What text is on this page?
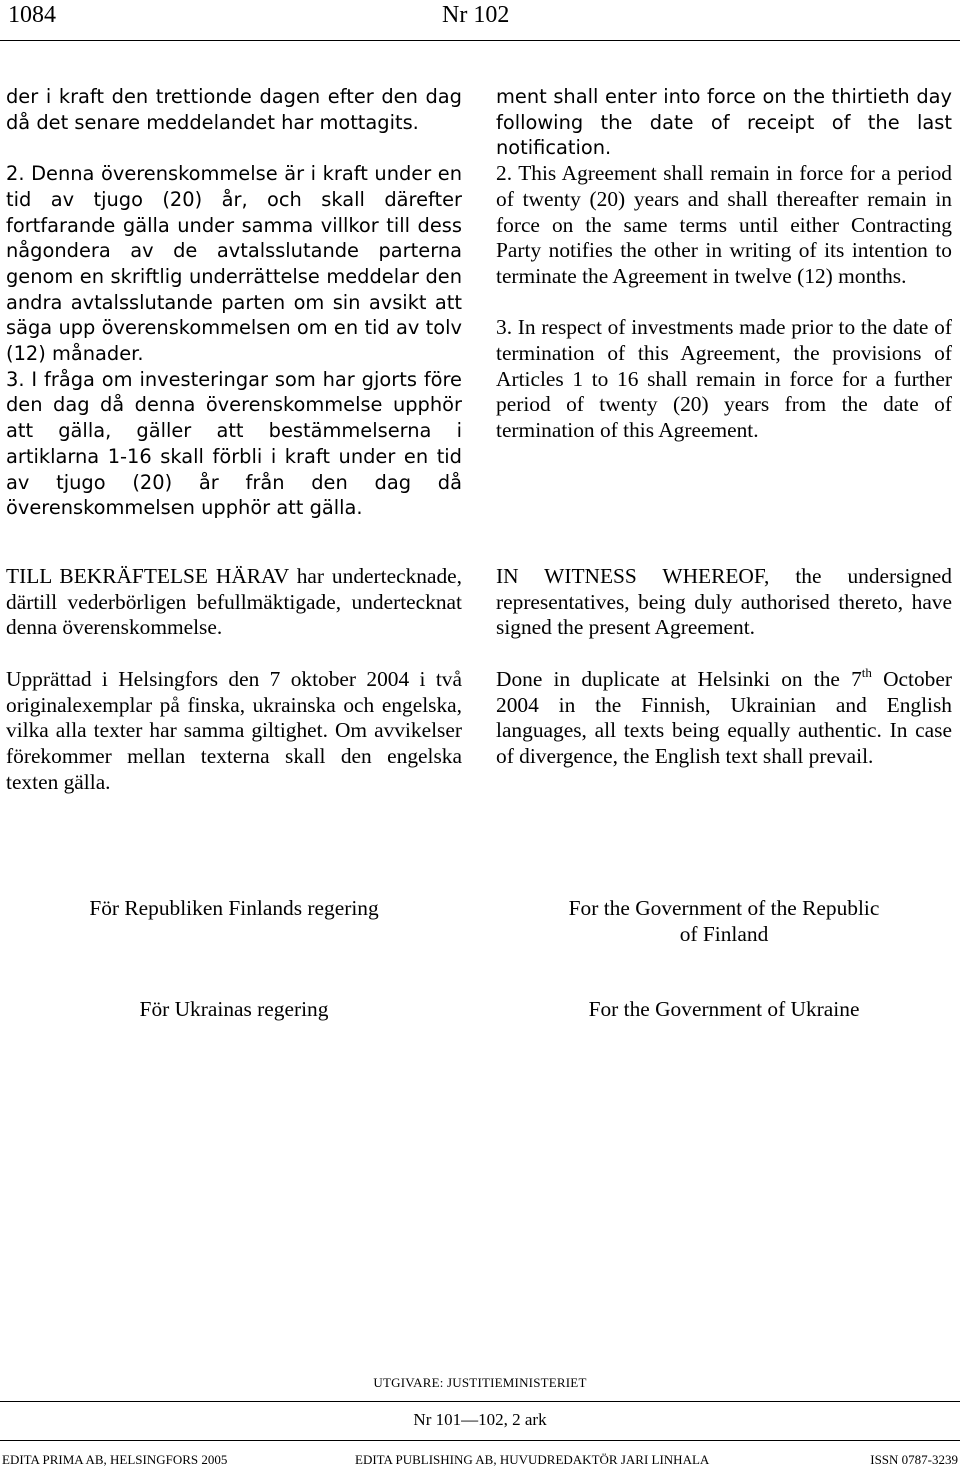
1084	Nr 102

der i kraft den trettionde dagen efter den dag då det senare meddelandet har mottagits.

2. Denna överenskommelse är i kraft under en tid av tjugo (20) år, och skall därefter fortfarande gälla under samma villkor till dess någondera av de avtalsslutande parterna genom en skriftlig underrättelse meddelar den andra avtalsslutande parten om sin avsikt att säga upp överenskommelsen om en tid av tolv (12) månader.

3. I fråga om investeringar som har gjorts före den dag då denna överenskommelse upphör att gälla, gäller att bestämmelserna i artiklarna 1-16 skall förbli i kraft under en tid av tjugo (20) år från den dag då överenskommelsen upphör att gälla.

ment shall enter into force on the thirtieth day following the date of receipt of the last notification.

2. This Agreement shall remain in force for a period of twenty (20) years and shall thereafter remain in force on the same terms until either Contracting Party notifies the other in writing of its intention to terminate the Agreement in twelve (12) months.

3. In respect of investments made prior to the date of termination of this Agreement, the provisions of Articles 1 to 16 shall remain in force for a further period of twenty (20) years from the date of termination of this Agreement.

TILL BEKRÄFTELSE HÄRAV har undertecknade, därtill vederbörligen befullmäktigade, undertecknat denna överenskommelse.

Upprättad i Helsingfors den 7 oktober 2004 i två originalexemplar på finska, ukrainska och engelska, vilka alla texter har samma giltighet. Om avvikelser förekommer mellan texterna skall den engelska texten gälla.

IN WITNESS WHEREOF, the undersigned representatives, being duly authorised thereto, have signed the present Agreement.

Done in duplicate at Helsinki on the 7th October 2004 in the Finnish, Ukrainian and English languages, all texts being equally authentic. In case of divergence, the English text shall prevail.

För Republiken Finlands regering	For the Government of the Republic
of Finland
För Ukrainas regering	For the Government of Ukraine
UTGIVARE: JUSTITIEMINISTERIET
Nr 101—102, 2 ark
EDITA PRIMA AB, HELSINGFORS 2005	EDITA PUBLISHING AB, HUVUDREDAKTÖR JARI LINHALA	ISSN 0787-3239
